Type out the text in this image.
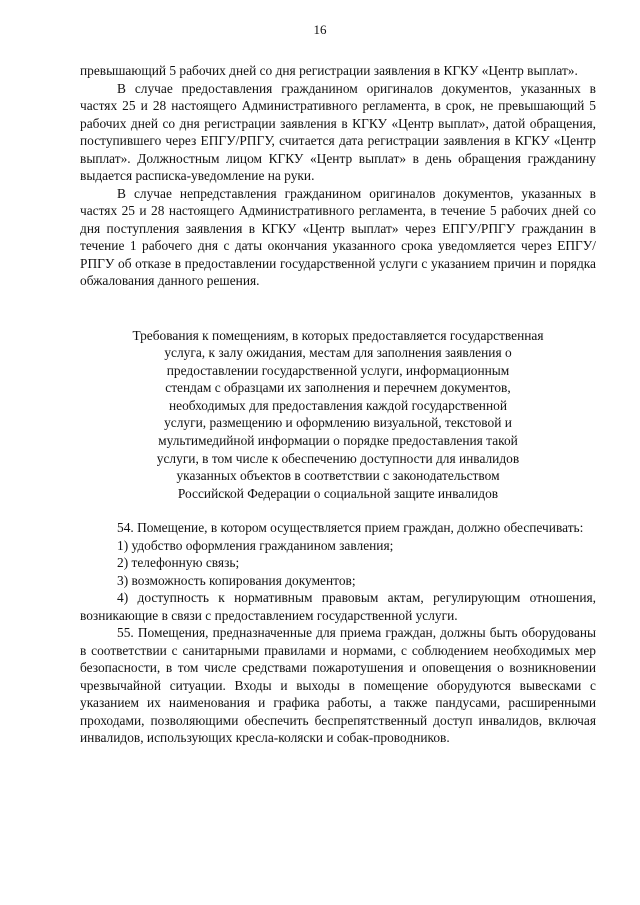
16

превышающий 5 рабочих дней со дня регистрации заявления в КГКУ «Центр выплат».

В случае предоставления гражданином оригиналов документов, указанных в частях 25 и 28 настоящего Административного регламента, в срок, не превышающий 5 рабочих дней со дня регистрации заявления в КГКУ «Центр выплат», датой обращения, поступившего через ЕПГУ/РПГУ, считается дата регистрации заявления в КГКУ «Центр выплат». Должностным лицом КГКУ «Центр выплат» в день обращения гражданину выдается расписка-уведомление на руки.

В случае непредставления гражданином оригиналов документов, указанных в частях 25 и 28 настоящего Административного регламента, в течение 5 рабочих дней со дня поступления заявления в КГКУ «Центр выплат» через ЕПГУ/РПГУ гражданин в течение 1 рабочего дня с даты окончания указанного срока уведомляется через ЕПГУ/РПГУ об отказе в предоставлении государственной услуги с указанием причин и порядка обжалования данного решения.

Требования к помещениям, в которых предоставляется государственная
услуга, к залу ожидания, местам для заполнения заявления о
предоставлении государственной услуги, информационным
стендам с образцами их заполнения и перечнем документов,
необходимых для предоставления каждой государственной
услуги, размещению и оформлению визуальной, текстовой и
мультимедийной информации о порядке предоставления такой
услуги, в том числе к обеспечению доступности для инвалидов
указанных объектов в соответствии с законодательством
Российской Федерации о социальной защите инвалидов

54. Помещение, в котором осуществляется прием граждан, должно обеспечивать:

1) удобство оформления гражданином завления;

2) телефонную связь;

3) возможность копирования документов;

4) доступность к нормативным правовым актам, регулирующим отношения, возникающие в связи с предоставлением государственной услуги.

55. Помещения, предназначенные для приема граждан, должны быть оборудованы в соответствии с санитарными правилами и нормами, с соблюдением необходимых мер безопасности, в том числе средствами пожаротушения и оповещения о возникновении чрезвычайной ситуации. Входы и выходы в помещение оборудуются вывесками с указанием их наименования и графика работы, а также пандусами, расширенными проходами, позволяющими обеспечить беспрепятственный доступ инвалидов, включая инвалидов, использующих кресла-коляски и собак-проводников.
